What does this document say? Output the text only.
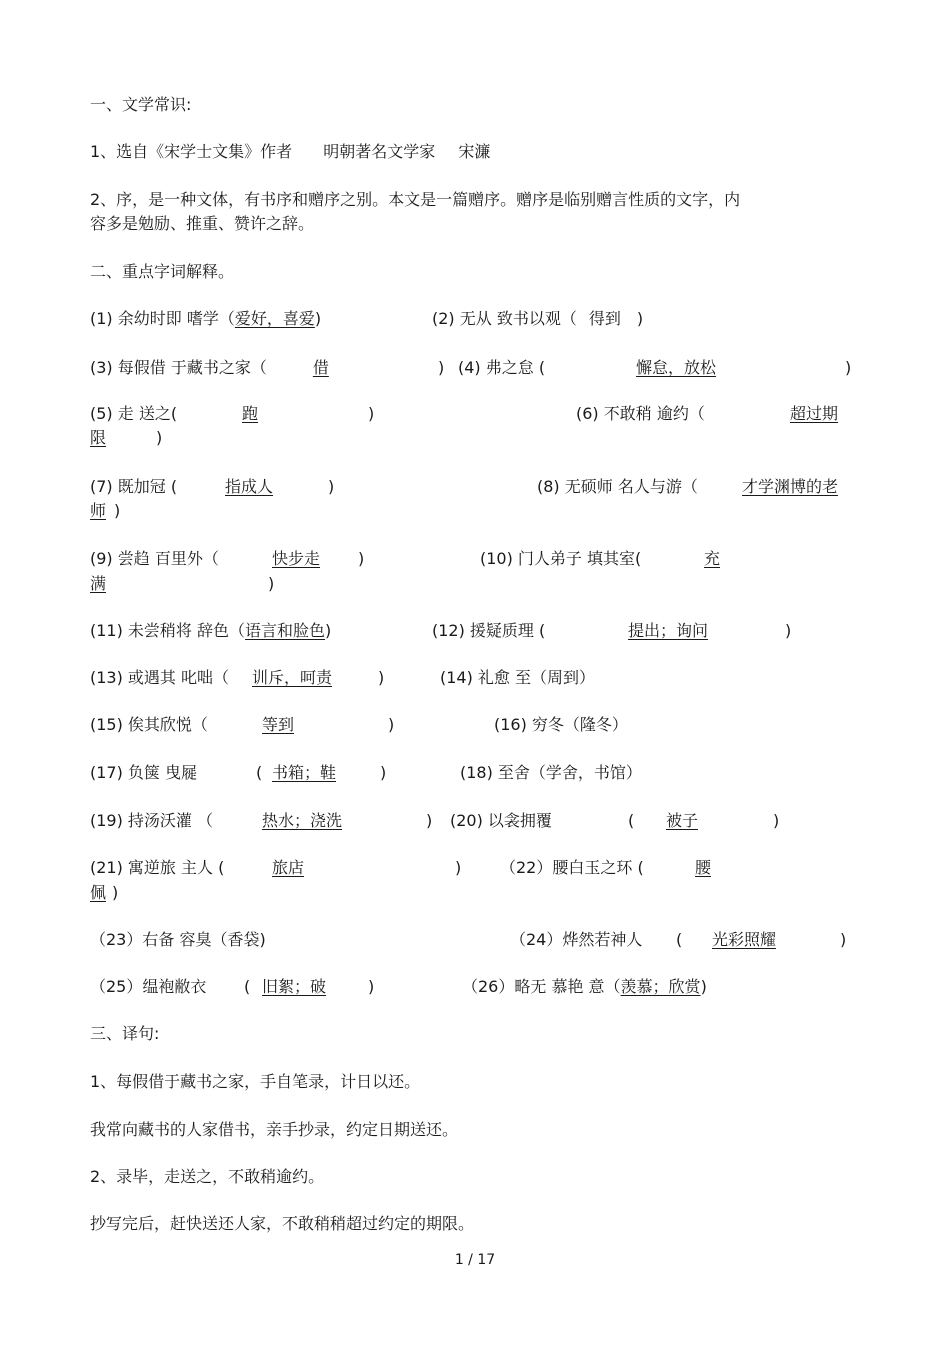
一、文学常识:
1、选自《宋学士文集》作者 明朝著名文学家 宋濂
2、序，是一种文体，有书序和赠序之别。本文是一篇赠序。赠序是临别赠言性质的文字，内
容多是勉励、推重、赞许之辞。
二、重点字词解释。
(1) 余幼时即 嗜学（爱好，喜爱)	(2) 无从 致书以观（ 得到 )
(3) 每假借 于藏书之家（	借	) (4) 弗之怠 (	懈怠，放松	)
(5) 走 送之(	跑	)	(6) 不敢稍 逾约（	超过期
限	)
(7) 既加冠 (	指成人	)	(8) 无硕师 名人与游（	才学渊博的老
师 )
(9) 尝趋 百里外（	快步走 )	(10) 门人弟子 填其室(	充
满	)
(11) 未尝稍将 辞色（语言和脸色)	(12) 援疑质理 (	提出；询问	)
(13) 或遇其 叱咄（ 训斥，呵责	)	(14) 礼愈 至（周到）
(15) 俟其欣悦（	等到	)	(16) 穷冬（隆冬）
(17) 负箧 曳屣	( 书箱；鞋	)	(18) 至舍（学舍，书馆）
(19) 持汤沃灌 （	热水；浇洗	) (20) 以衾拥覆	(	被子	)
(21) 寓逆旅 主人 (	旅店	) （22）腰白玉之环 (	腰
佩 )
（23）右备 容臭（香袋)	（24）烨然若神人 (	光彩照耀	)
（25）缊袍敝衣 ( 旧絮；破	)	（26）略无 慕艳 意（羡慕；欣赏)
三、译句:
1、每假借于藏书之家，手自笔录，计日以还。
我常向藏书的人家借书，亲手抄录，约定日期送还。
2、录毕，走送之，不敢稍逾约。
抄写完后，赶快送还人家，不敢稍稍超过约定的期限。
1 / 17
